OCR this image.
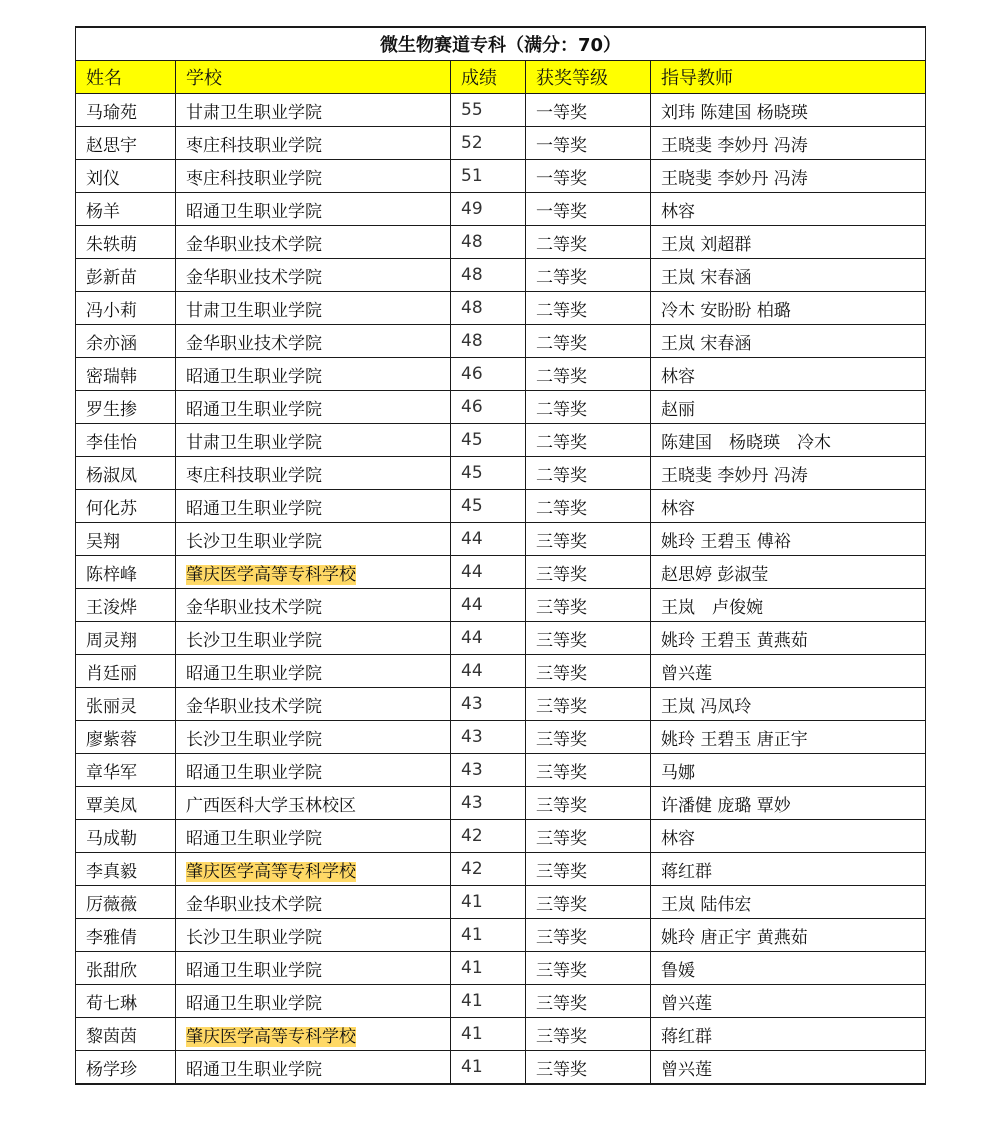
微生物赛道专科（满分：70）				
姓名	学校	成绩	获奖等级	指导教师
马瑜苑	甘肃卫生职业学院	55	一等奖	刘玮 陈建国 杨晓瑛
赵思宇	枣庄科技职业学院	52	一等奖	王晓斐 李妙丹 冯涛
刘仪	枣庄科技职业学院	51	一等奖	王晓斐 李妙丹 冯涛
杨羊	昭通卫生职业学院	49	一等奖	林容
朱轶萌	金华职业技术学院	48	二等奖	王岚 刘超群
彭新苗	金华职业技术学院	48	二等奖	王岚 宋春涵
冯小莉	甘肃卫生职业学院	48	二等奖	冷木 安盼盼 柏璐
余亦涵	金华职业技术学院	48	二等奖	王岚 宋春涵
密瑞韩	昭通卫生职业学院	46	二等奖	林容
罗生掺	昭通卫生职业学院	46	二等奖	赵丽
李佳怡	甘肃卫生职业学院	45	二等奖	陈建国　杨晓瑛　冷木
杨淑凤	枣庄科技职业学院	45	二等奖	王晓斐 李妙丹 冯涛
何化苏	昭通卫生职业学院	45	二等奖	林容
吴翔	长沙卫生职业学院	44	三等奖	姚玲 王碧玉 傅裕
陈梓峰	肇庆医学高等专科学校	44	三等奖	赵思婷 彭淑莹
王浚烨	金华职业技术学院	44	三等奖	王岚　卢俊婉
周灵翔	长沙卫生职业学院	44	三等奖	姚玲 王碧玉 黄燕茹
肖廷丽	昭通卫生职业学院	44	三等奖	曾兴莲
张丽灵	金华职业技术学院	43	三等奖	王岚 冯凤玲
廖紫蓉	长沙卫生职业学院	43	三等奖	姚玲 王碧玉 唐正宇
章华军	昭通卫生职业学院	43	三等奖	马娜
覃美凤	广西医科大学玉林校区	43	三等奖	许潘健 庞璐 覃妙
马成勒	昭通卫生职业学院	42	三等奖	林容
李真毅	肇庆医学高等专科学校	42	三等奖	蒋红群
厉薇薇	金华职业技术学院	41	三等奖	王岚 陆伟宏
李雅倩	长沙卫生职业学院	41	三等奖	姚玲 唐正宇 黄燕茹
张甜欣	昭通卫生职业学院	41	三等奖	鲁媛
荀七琳	昭通卫生职业学院	41	三等奖	曾兴莲
黎茵茵	肇庆医学高等专科学校	41	三等奖	蒋红群
杨学珍	昭通卫生职业学院	41	三等奖	曾兴莲
